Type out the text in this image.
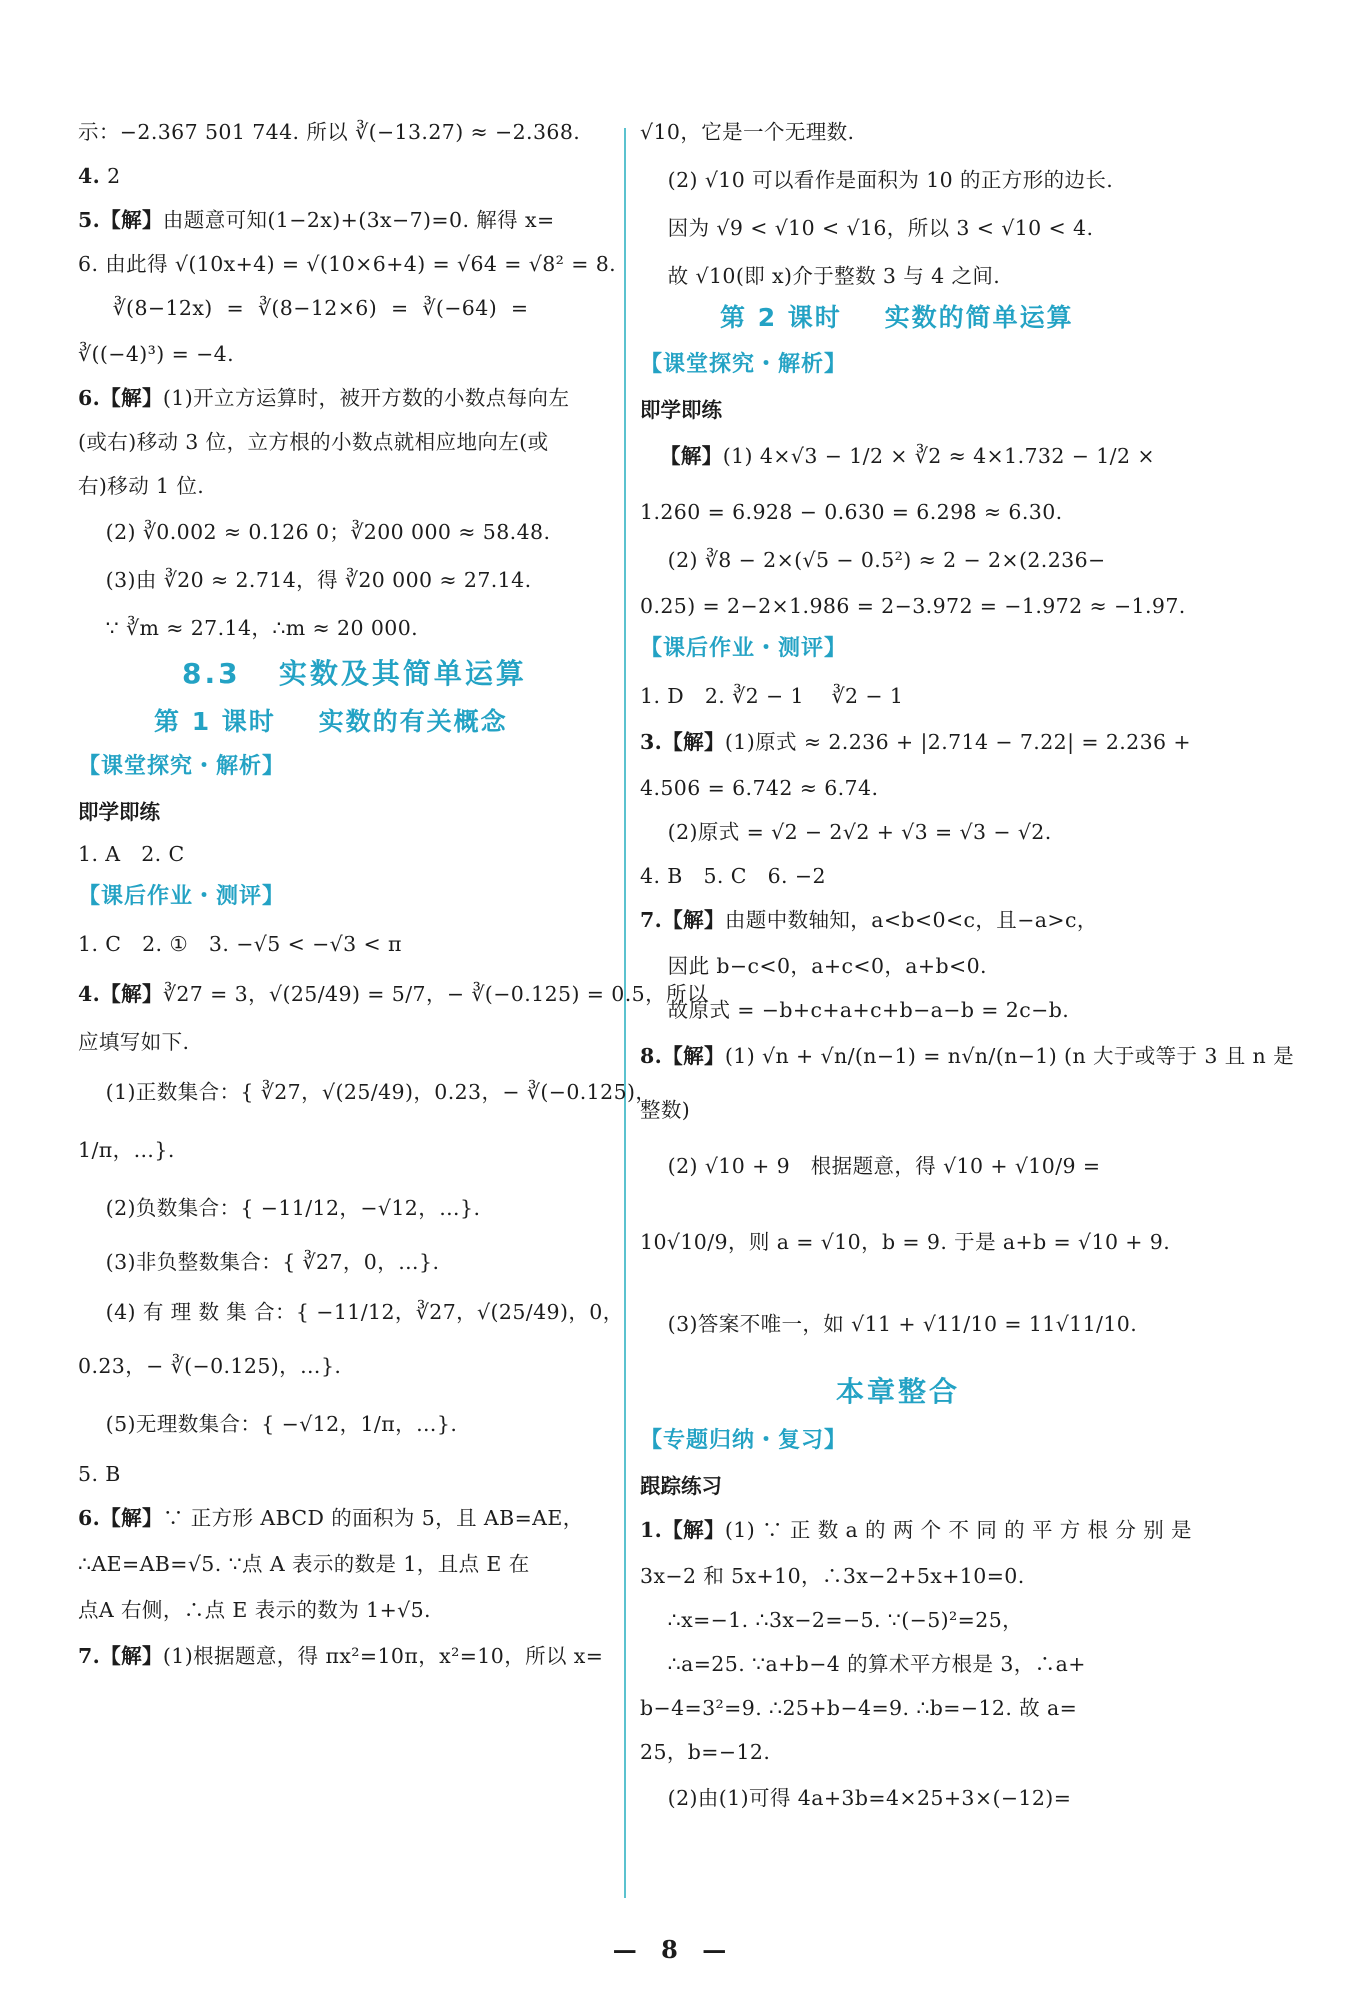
示：−2.367 501 744. 所以 ∛(−13.27) ≈ −2.368.
4. 2
5.【解】由题意可知(1−2x)+(3x−7)=0. 解得 x=
6. 由此得 √(10x+4) = √(10×6+4) = √64 = √8² = 8.
∛(8−12x)  =  ∛(8−12×6)  =  ∛(−64)  =
∛((−4)³) = −4.
6.【解】(1)开立方运算时，被开方数的小数点每向左
(或右)移动 3 位，立方根的小数点就相应地向左(或
右)移动 1 位.
(2) ∛0.002 ≈ 0.126 0；∛200 000 ≈ 58.48.
(3)由 ∛20 ≈ 2.714，得 ∛20 000 ≈ 27.14.
∵ ∛m ≈ 27.14，∴m ≈ 20 000.
8.3   实数及其简单运算
第 1 课时    实数的有关概念
【课堂探究・解析】
即学即练
1. A   2. C
【课后作业・测评】
1. C   2. ①   3. −√5 < −√3 < π
4.【解】∛27 = 3，√(25/49) = 5/7，− ∛(−0.125) = 0.5，所以
应填写如下.
(1)正数集合：{ ∛27，√(25/49)，0.23，− ∛(−0.125)，
1/π，…}.
(2)负数集合：{ −11/12，−√12，…}.
(3)非负整数集合：{ ∛27，0，…}.
(4) 有 理 数 集 合：{ −11/12，∛27，√(25/49)，0，
0.23，− ∛(−0.125)，…}.
(5)无理数集合：{ −√12，1/π，…}.
5. B
6.【解】∵ 正方形 ABCD 的面积为 5，且 AB=AE，
∴AE=AB=√5. ∵点 A 表示的数是 1，且点 E 在
点A 右侧，∴点 E 表示的数为 1+√5.
7.【解】(1)根据题意，得 πx²=10π，x²=10，所以 x=
√10，它是一个无理数.
(2) √10 可以看作是面积为 10 的正方形的边长.
因为 √9 < √10 < √16，所以 3 < √10 < 4.
故 √10(即 x)介于整数 3 与 4 之间.
第 2 课时    实数的简单运算
【课堂探究・解析】
即学即练
【解】(1) 4×√3 − 1/2 × ∛2 ≈ 4×1.732 − 1/2 ×
1.260 = 6.928 − 0.630 = 6.298 ≈ 6.30.
(2) ∛8 − 2×(√5 − 0.5²) ≈ 2 − 2×(2.236−
0.25) = 2−2×1.986 = 2−3.972 = −1.972 ≈ −1.97.
【课后作业・测评】
1. D   2. ∛2 − 1    ∛2 − 1
3.【解】(1)原式 ≈ 2.236 + |2.714 − 7.22| = 2.236 +
4.506 = 6.742 ≈ 6.74.
(2)原式 = √2 − 2√2 + √3 = √3 − √2.
4. B   5. C   6. −2
7.【解】由题中数轴知，a<b<0<c，且−a>c，
因此 b−c<0，a+c<0，a+b<0.
故原式 = −b+c+a+c+b−a−b = 2c−b.
8.【解】(1) √n + √n/(n−1) = n√n/(n−1) (n 大于或等于 3 且 n 是
整数)
(2) √10 + 9   根据题意，得 √10 + √10/9 =
10√10/9，则 a = √10，b = 9. 于是 a+b = √10 + 9.
(3)答案不唯一，如 √11 + √11/10 = 11√11/10.
本章整合
【专题归纳・复习】
跟踪练习
1.【解】(1) ∵ 正 数 a 的 两 个 不 同 的 平 方 根 分 别 是
3x−2 和 5x+10，∴3x−2+5x+10=0.
∴x=−1. ∴3x−2=−5. ∵(−5)²=25，
∴a=25. ∵a+b−4 的算术平方根是 3，∴a+
b−4=3²=9. ∴25+b−4=9. ∴b=−12. 故 a=
25，b=−12.
(2)由(1)可得 4a+3b=4×25+3×(−12)=
— 8 —
